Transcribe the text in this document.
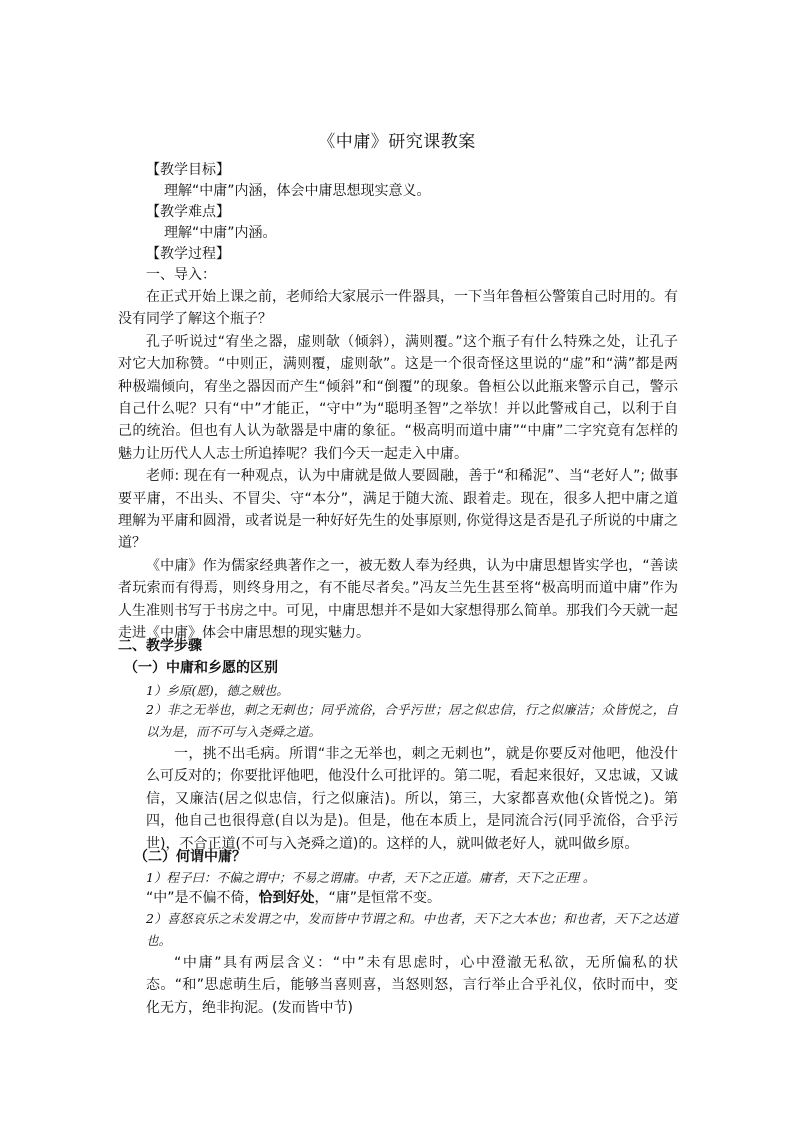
《中庸》研究课教案
【教学目标】
理解“中庸”内涵，体会中庸思想现实意义。
【教学难点】
理解“中庸”内涵。
【教学过程】
一、导入：

在正式开始上课之前，老师给大家展示一件器具，一下当年鲁桓公警策自己时用的。有没有同学了解这个瓶子？

孔子听说过“宥坐之器，虚则欹（倾斜），满则覆。”这个瓶子有什么特殊之处，让孔子对它大加称赞。“中则正，满则覆，虚则欹”。这是一个很奇怪这里说的“虚”和“满”都是两种极端倾向，宥坐之器因而产生“倾斜”和“倒覆”的现象。鲁桓公以此瓶来警示自己，警示自己什么呢？只有“中”才能正，“守中”为“聪明圣智”之举欤！并以此警戒自己，以利于自己的统治。但也有人认为欹器是中庸的象征。“极高明而道中庸”“中庸”二字究竟有怎样的魅力让历代人人志士所追捧呢？我们今天一起走入中庸。

老师: 现在有一种观点，认为中庸就是做人要圆融，善于“和稀泥”、当“老好人”; 做事要平庸，不出头、不冒尖、守“本分”，满足于随大流、跟着走。现在，很多人把中庸之道理解为平庸和圆滑，或者说是一种好好先生的处事原则, 你觉得这是否是孔子所说的中庸之道？

《中庸》作为儒家经典著作之一，被无数人奉为经典，认为中庸思想皆实学也，“善读者玩索而有得焉，则终身用之，有不能尽者矣。”冯友兰先生甚至将“极高明而道中庸”作为人生准则书写于书房之中。可见，中庸思想并不是如大家想得那么简单。那我们今天就一起走进《中庸》体会中庸思想的现实魅力。

二、教学步骤
（一）中庸和乡愿的区别
1）乡原(愿)，德之贼也。
2）非之无举也，刺之无刺也；同乎流俗，合乎污世；居之似忠信，行之似廉洁；众皆悦之，自以为是，而不可与入尧舜之道。

一，挑不出毛病。所谓“非之无举也，刺之无刺也”，就是你要反对他吧，他没什么可反对的；你要批评他吧，他没什么可批评的。第二呢，看起来很好，又忠诚，又诚信，又廉洁(居之似忠信，行之似廉洁)。所以，第三，大家都喜欢他(众皆悦之)。第四，他自己也很得意(自以为是)。但是，他在本质上，是同流合污(同乎流俗，合乎污世)，不合正道(不可与入尧舜之道)的。这样的人，就叫做老好人，就叫做乡原。

（二）何谓中庸？
1）程子曰：不偏之谓中；不易之谓庸。中者，天下之正道。庸者，天下之正理 。
“中”是不偏不倚，恰到好处，“庸”是恒常不变。
2）喜怒哀乐之未发谓之中，发而皆中节谓之和。中也者，天下之大本也；和也者，天下之达道也。

“中庸”具有两层含义：“中”未有思虑时，心中澄澈无私欲，无所偏私的状态。“和”思虑萌生后，能够当喜则喜，当怒则怒，言行举止合乎礼仪，依时而中，变化无方，绝非拘泥。(发而皆中节)
